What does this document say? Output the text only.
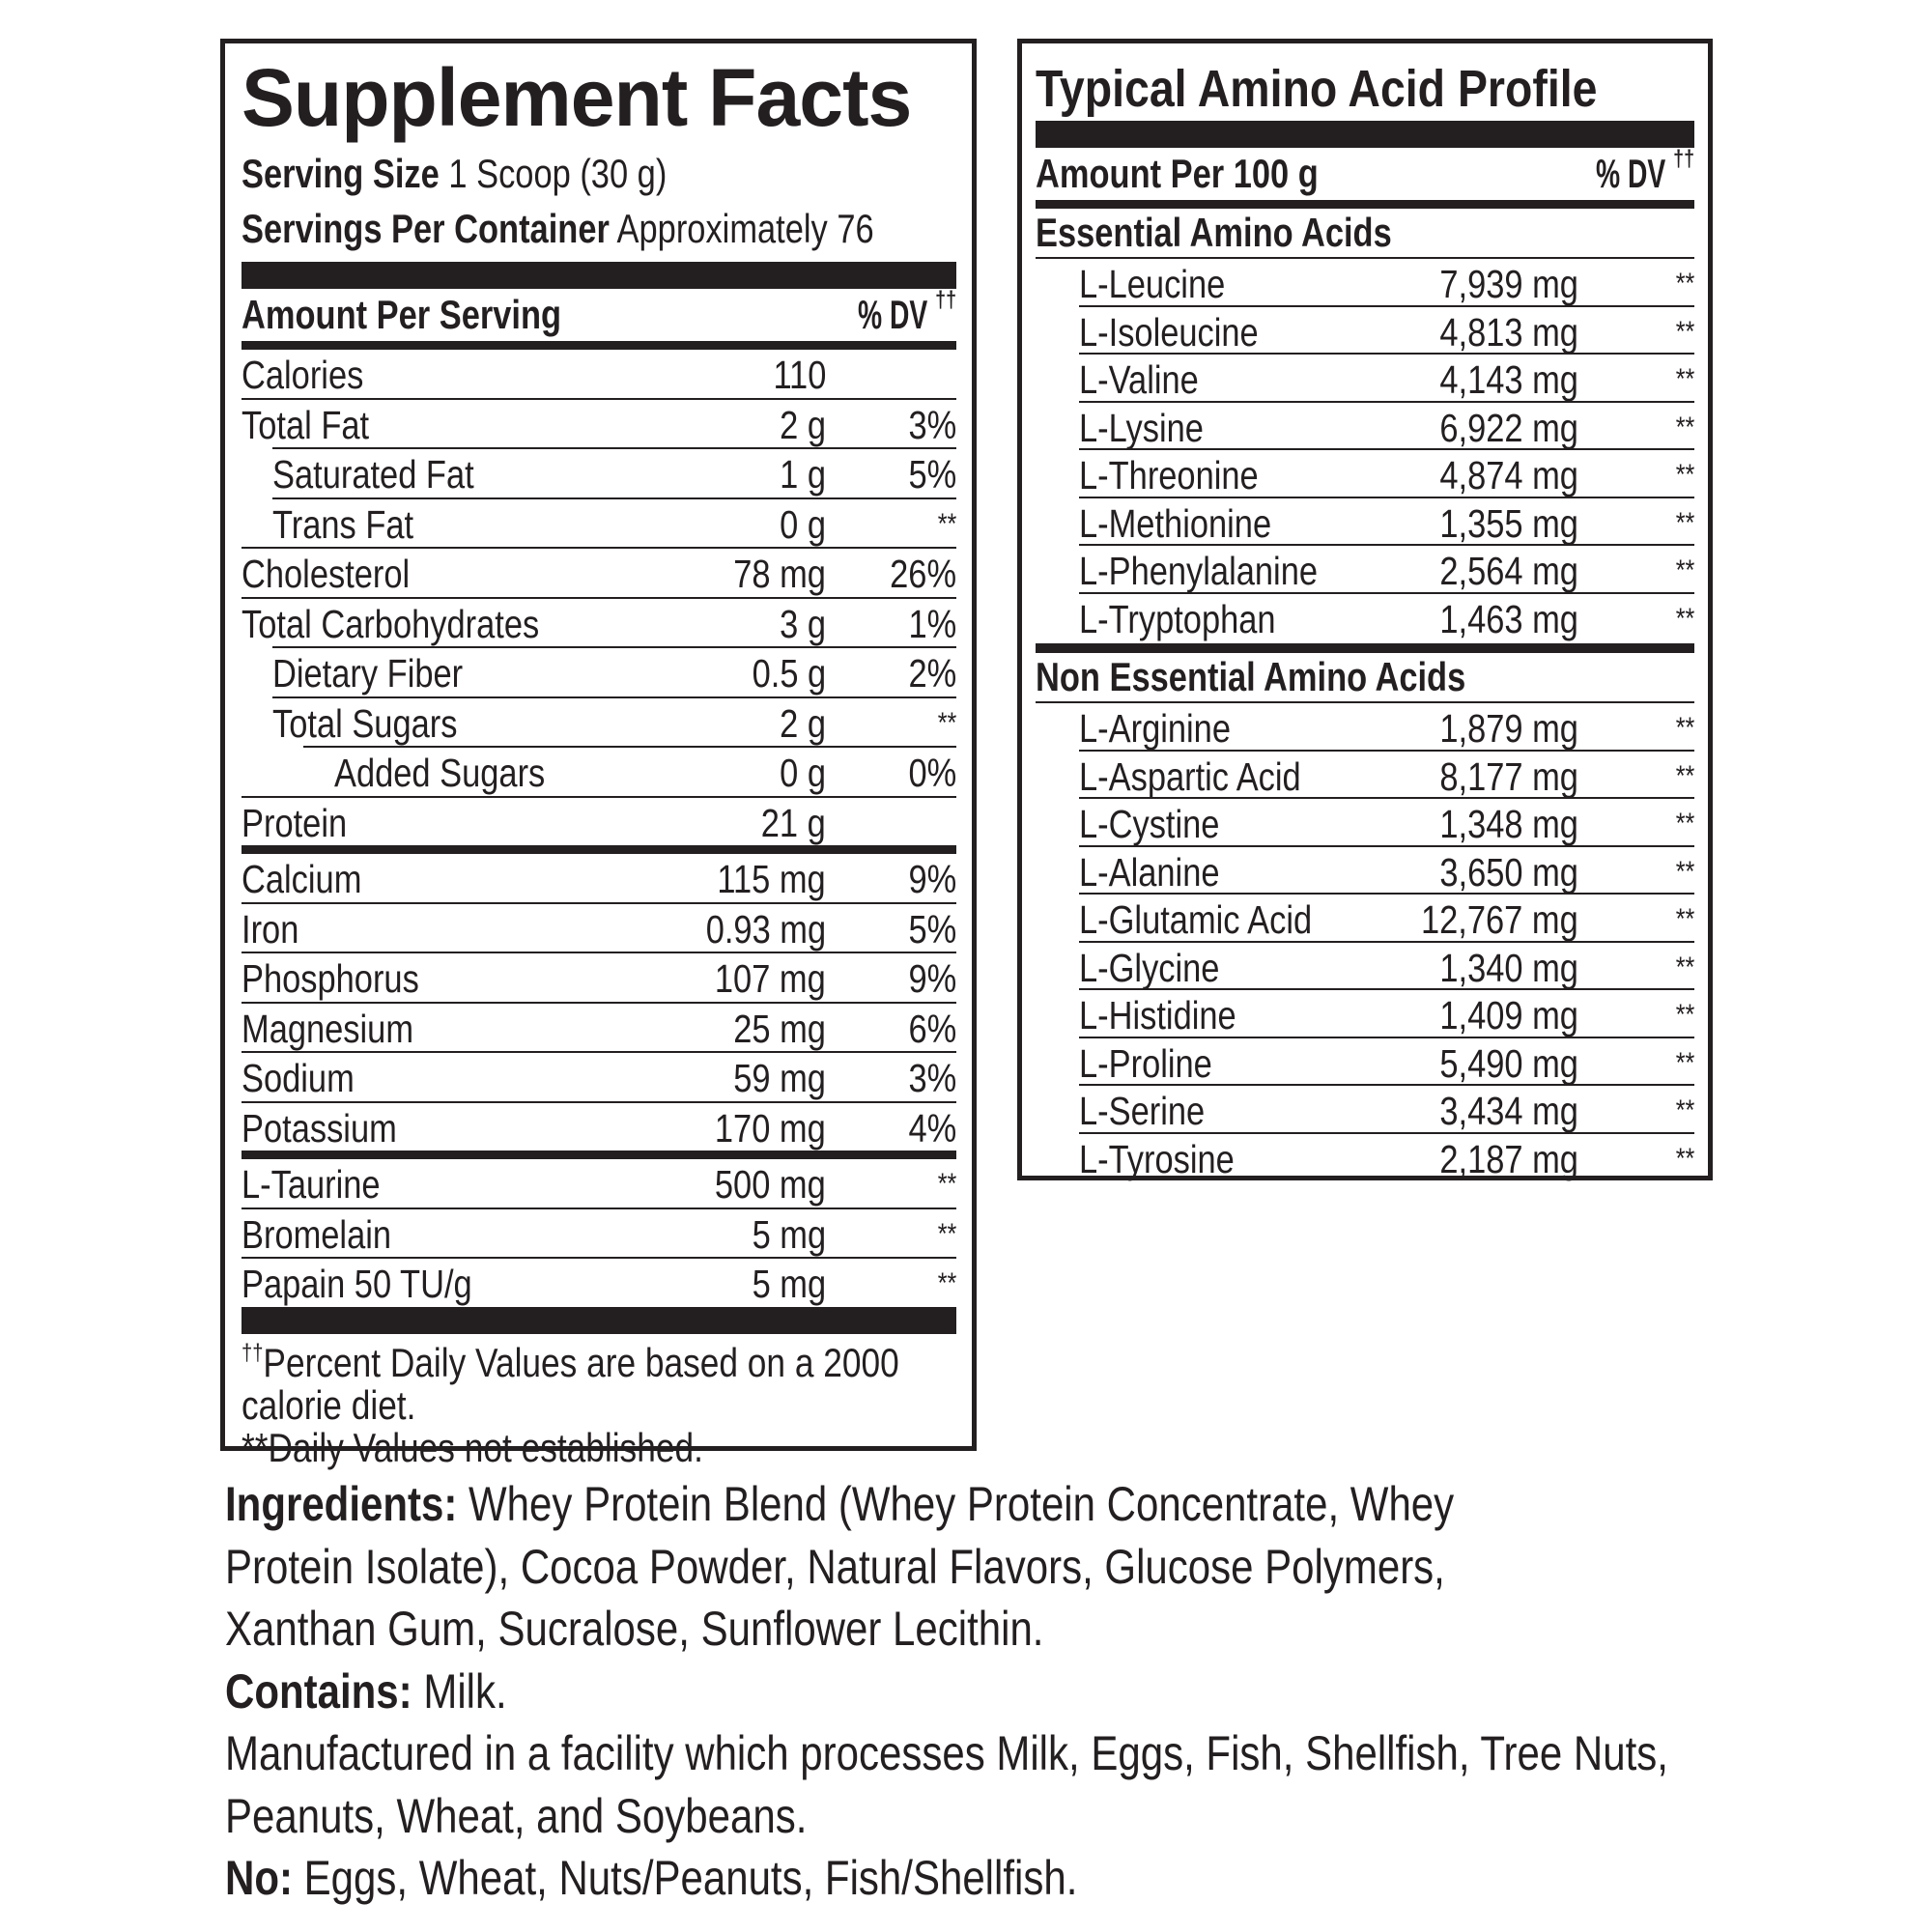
Supplement Facts
Serving Size 1 Scoop (30 g)
Servings Per Container Approximately 76
Amount Per Serving	% DV ††
Calories	110
Total Fat	2 g 3%
Saturated Fat	1 g 5%
Trans Fat	0 g	**
Cholesterol	78 mg 26%
Total Carbohydrates	3 g 1%
Dietary Fiber	0.5 g 2%
Total Sugars	2 g	**
Added Sugars	0 g 0%
Protein	21 g
Calcium	115 mg 9%
Iron	0.93 mg 5%
Phosphorus	107 mg 9%
Magnesium	25 mg 6%
Sodium	59 mg 3%
Potassium	170 mg 4%
L-Taurine	500 mg	**
Bromelain	5 mg	**
Papain 50 TU/g	5 mg	**
††Percent Daily Values are based on a 2000 calorie diet.
**Daily Values not established.
Typical Amino Acid Profile
Amount Per 100 g	% DV ††
Essential Amino Acids
L-Leucine	7,939 mg	**
L-Isoleucine	4,813 mg	**
L-Valine	4,143 mg	**
L-Lysine	6,922 mg	**
L-Threonine	4,874 mg	**
L-Methionine	1,355 mg	**
L-Phenylalanine	2,564 mg	**
L-Tryptophan	1,463 mg	**
Non Essential Amino Acids
L-Arginine	1,879 mg	**
L-Aspartic Acid	8,177 mg	**
L-Cystine	1,348 mg	**
L-Alanine	3,650 mg	**
L-Glutamic Acid	12,767 mg	**
L-Glycine	1,340 mg	**
L-Histidine	1,409 mg	**
L-Proline	5,490 mg	**
L-Serine	3,434 mg	**
L-Tyrosine	2,187 mg	**

Ingredients: Whey Protein Blend (Whey Protein Concentrate, Whey Protein Isolate), Cocoa Powder, Natural Flavors, Glucose Polymers, Xanthan Gum, Sucralose, Sunflower Lecithin.

Contains: Milk.

Manufactured in a facility which processes Milk, Eggs, Fish, Shellfish, Tree Nuts, Peanuts, Wheat, and Soybeans.

No: Eggs, Wheat, Nuts/Peanuts, Fish/Shellfish.
